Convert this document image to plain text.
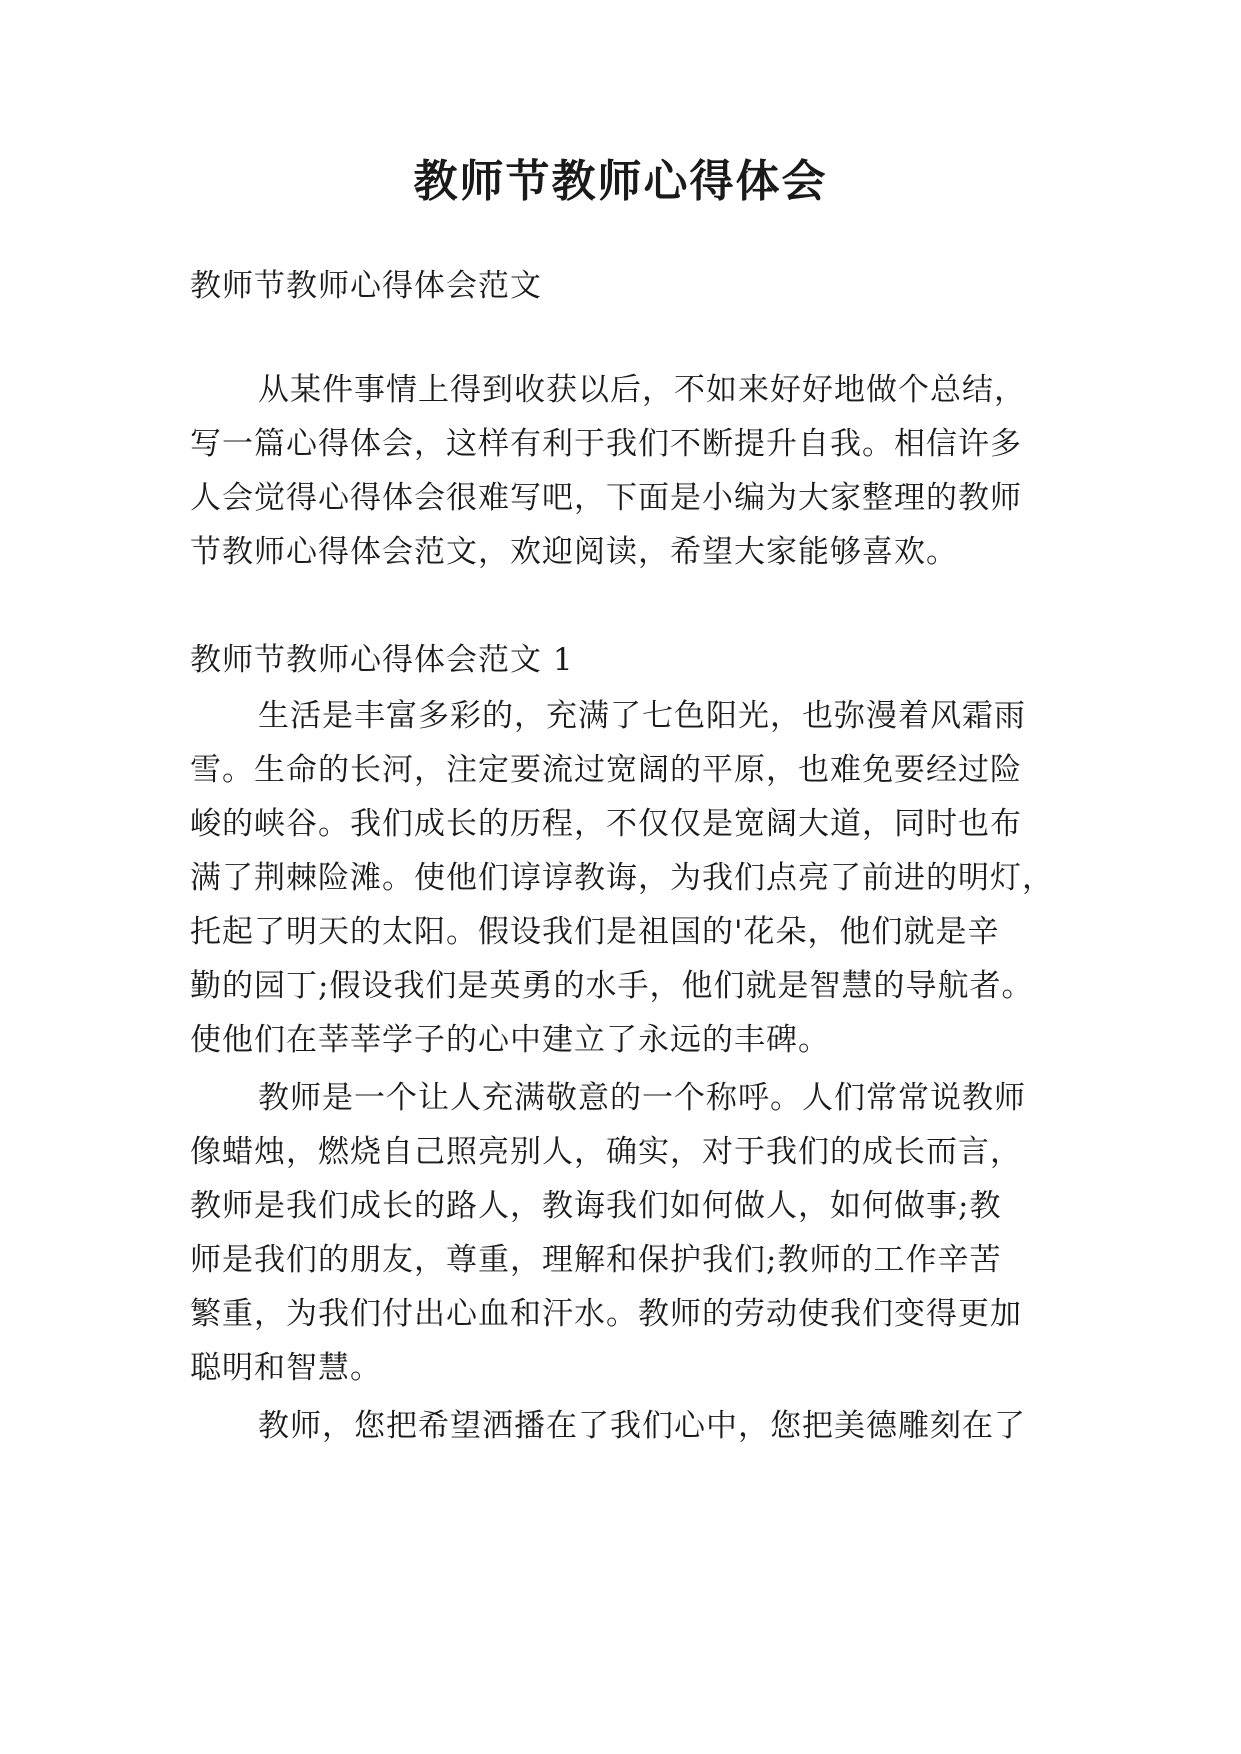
教师节教师心得体会
教师节教师心得体会范文
从某件事情上得到收获以后，不如来好好地做个总结，
写一篇心得体会，这样有利于我们不断提升自我。相信许多
人会觉得心得体会很难写吧，下面是小编为大家整理的教师
节教师心得体会范文，欢迎阅读，希望大家能够喜欢。
教师节教师心得体会范文 1
生活是丰富多彩的，充满了七色阳光，也弥漫着风霜雨
雪。生命的长河，注定要流过宽阔的平原，也难免要经过险
峻的峡谷。我们成长的历程，不仅仅是宽阔大道，同时也布
满了荆棘险滩。使他们谆谆教诲，为我们点亮了前进的明灯，
托起了明天的太阳。假设我们是祖国的'花朵，他们就是辛
勤的园丁;假设我们是英勇的水手，他们就是智慧的导航者。
使他们在莘莘学子的心中建立了永远的丰碑。
教师是一个让人充满敬意的一个称呼。人们常常说教师
像蜡烛，燃烧自己照亮别人，确实，对于我们的成长而言，
教师是我们成长的路人，教诲我们如何做人，如何做事;教
师是我们的朋友，尊重，理解和保护我们;教师的工作辛苦
繁重，为我们付出心血和汗水。教师的劳动使我们变得更加
聪明和智慧。
教师，您把希望洒播在了我们心中，您把美德雕刻在了
